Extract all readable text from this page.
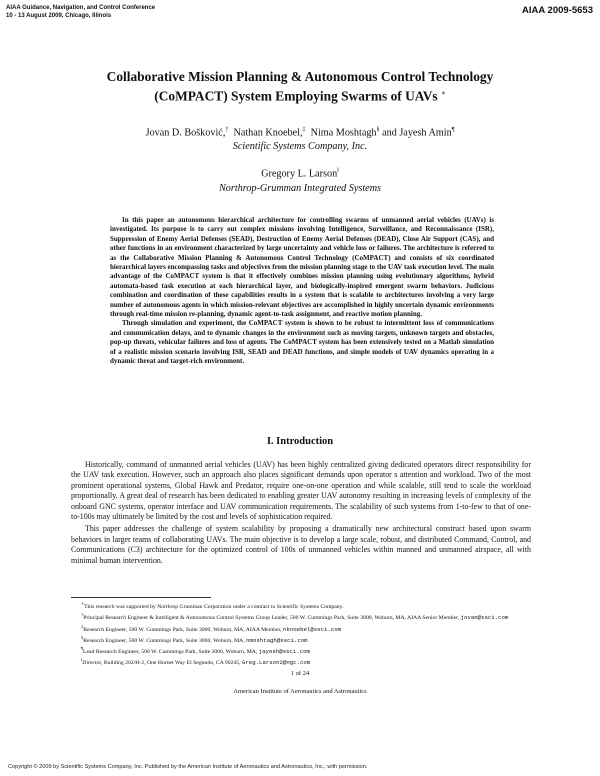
AIAA Guidance, Navigation, and Control Conference
10 - 13 August 2009, Chicago, Illinois	AIAA 2009-5653
Collaborative Mission Planning & Autonomous Control Technology
(CoMPACT) System Employing Swarms of UAVs ∗
Jovan D. Bošković,† Nathan Knoebel,‡ Nima Moshtagh§ and Jayesh Amin¶
Scientific Systems Company, Inc.
Gregory L. Larson‖
Northrop-Grumman Integrated Systems

In this paper an autonomous hierarchical architecture for controlling swarms of unmanned aerial vehicles (UAVs) is investigated. Its purpose is to carry out complex missions involving Intelligence, Surveillance, and Reconnaissance (ISR), Suppression of Enemy Aerial Defenses (SEAD), Destruction of Enemy Aerial Defenses (DEAD), Close Air Support (CAS), and other functions in an environment characterized by large uncertainty and vehicle loss or failures. The architecture is referred to as the Collaborative Mission Planning & Autonomous Control Technology (CoMPACT) and consists of six coordinated hierarchical layers encompassing tasks and objectives from the mission planning stage to the UAV task execution level. The main advantage of the CoMPACT system is that it effectively combines mission planning using evolutionary algorithms, hybrid automata-based task execution at each hierarchical layer, and biologically-inspired emergent swarm behaviors. Judicious combination and coordination of these capabilities results in a system that is scalable to architectures involving a very large number of autonomous agents in which mission-relevant objectives are accomplished in highly uncertain dynamic environments through real-time mission re-planning, dynamic agent-to-task assignment, and reactive motion planning.

Through simulation and experiment, the CoMPACT system is shown to be robust to intermittent loss of communications and communication delays, and to dynamic changes in the environment such as moving targets, unknown targets and obstacles, pop-up threats, vehicular failures and loss of agents. The CoMPACT system has been extensively tested on a Matlab simulation of a realistic mission scenario involving ISR, SEAD and DEAD functions, and simple models of UAV dynamics operating in a dynamic threat and target-rich environment.

I. Introduction

Historically, command of unmanned aerial vehicles (UAV) has been highly centralized giving dedicated operators direct responsibility for the UAV task execution. However, such an approach also places significant demands upon operator s attention and workload. Two of the most prominent operational systems, Global Hawk and Predator, require one-on-one operation and while scalable, still tend to scale the workload proportionally. A great deal of research has been dedicated to enabling greater UAV autonomy resulting in increasing levels of complexity of the onboard GNC systems, operator interface and UAV communication requirements. The scalability of such systems from 1-to-few to that of one-to-100s may ultimately be limited by the cost and levels of sophistication required.

This paper addresses the challenge of system scalability by proposing a dramatically new architectural construct based upon swarm behaviors in larger teams of collaborating UAVs. The main objective is to develop a large scale, robust, and distributed Command, Control, and Communications (C3) architecture for the optimized control of 100s of unmanned vehicles within manned and unmanned airspace, all with minimal human intervention.

∗This research was supported by Northrop Grumman Corporation under a contract to Scientific Systems Company.
†Principal Research Engineer & Intelligent & Autonomous Control Systems Group Leader, 500 W. Cummings Park, Suite 3000, Woburn, MA, AIAA Senior Member, jovan@ssci.com
‡Research Engineer, 500 W. Cummings Park, Suite 3000, Woburn, MA, AIAA Member, nknoebel@ssci.com
§Research Engineer, 500 W. Cummings Park, Suite 3000, Woburn, MA, nmoshtagh@ssci.com
¶Lead Research Engineer, 500 W. Cummings Park, Suite 3000, Woburn, MA, jayesh@ssci.com
‖Director, Building 202/H-2, One Hornet Way El Segundo, CA 90245, Greg.Larson2@ngc.com
1 of 24
American Institute of Aeronautics and Astronautics
Copyright © 2009 by Scientific Systems Company, Inc. Published by the American Institute of Aeronautics and Astronautics, Inc., with permission.
